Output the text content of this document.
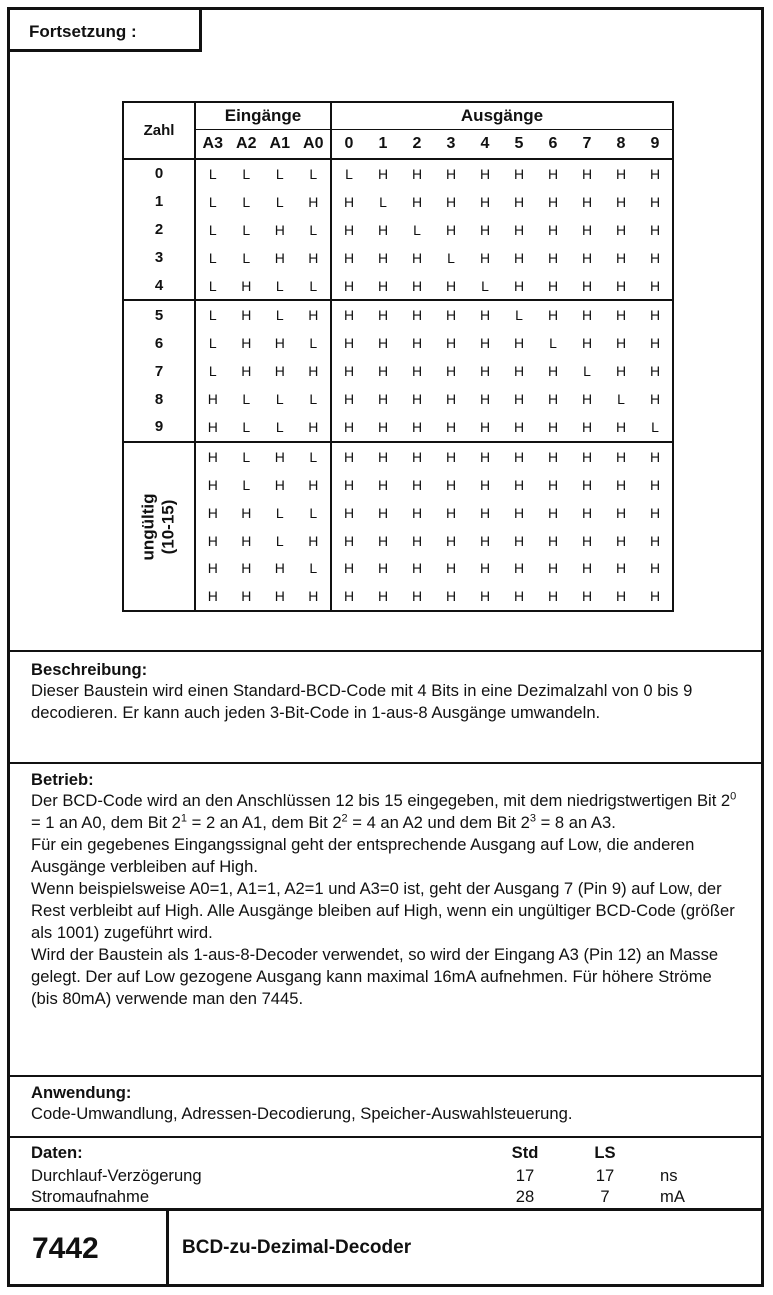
Fortsetzung :
Zahl	Eingänge				Ausgänge									
	A3	A2	A1	A0	0	1	2	3	4	5	6	7	8	9
0	L	L	L	L	L	H	H	H	H	H	H	H	H	H
1	L	L	L	H	H	L	H	H	H	H	H	H	H	H
2	L	L	H	L	H	H	L	H	H	H	H	H	H	H
3	L	L	H	H	H	H	H	L	H	H	H	H	H	H
4	L	H	L	L	H	H	H	H	L	H	H	H	H	H
5	L	H	L	H	H	H	H	H	H	L	H	H	H	H
6	L	H	H	L	H	H	H	H	H	H	L	H	H	H
7	L	H	H	H	H	H	H	H	H	H	H	L	H	H
8	H	L	L	L	H	H	H	H	H	H	H	H	L	H
9	H	L	L	H	H	H	H	H	H	H	H	H	H	L

ungültig (10-15)	H	L	H	L	H	H	H	H	H	H	H	H	H	H
	H	L	H	H	H	H	H	H	H	H	H	H	H	H
	H	H	L	L	H	H	H	H	H	H	H	H	H	H
	H	H	L	H	H	H	H	H	H	H	H	H	H	H
	H	H	H	L	H	H	H	H	H	H	H	H	H	H
	H	H	H	H	H	H	H	H	H	H	H	H	H	H
Beschreibung:

Dieser Baustein wird einen Standard-BCD-Code mit 4 Bits in eine Dezimalzahl von 0 bis 9 decodieren. Er kann auch jeden 3-Bit-Code in 1-aus-8 Ausgänge umwandeln.

Betrieb:

Der BCD-Code wird an den Anschlüssen 12 bis 15 eingegeben, mit dem niedrigstwertigen Bit $2^0 = 1$ an A0, dem Bit $2^1 = 2$ an A1, dem Bit $2^2 = 4$ an A2 und dem Bit $2^3 = 8$ an A3.

Für ein gegebenes Eingangssignal geht der entsprechende Ausgang auf Low, die anderen Ausgänge verbleiben auf High.

Wenn beispielsweise A0=1, A1=1, A2=1 und A3=0 ist, geht der Ausgang 7 (Pin 9) auf Low, der Rest verbleibt auf High. Alle Ausgänge bleiben auf High, wenn ein ungültiger BCD-Code (größer als 1001) zugeführt wird.

Wird der Baustein als 1-aus-8-Decoder verwendet, so wird der Eingang A3 (Pin 12) an Masse gelegt. Der auf Low gezogene Ausgang kann maximal 16mA aufnehmen. Für höhere Ströme (bis 80mA) verwende man den 7445.

Anwendung:

Code-Umwandlung, Adressen-Decodierung, Speicher-Auswahlsteuerung.

Daten:	Std	LS
Durchlauf-Verzögerung	17	17	ns
Stromaufnahme	28	7	mA
7442	BCD-zu-Dezimal-Decoder
